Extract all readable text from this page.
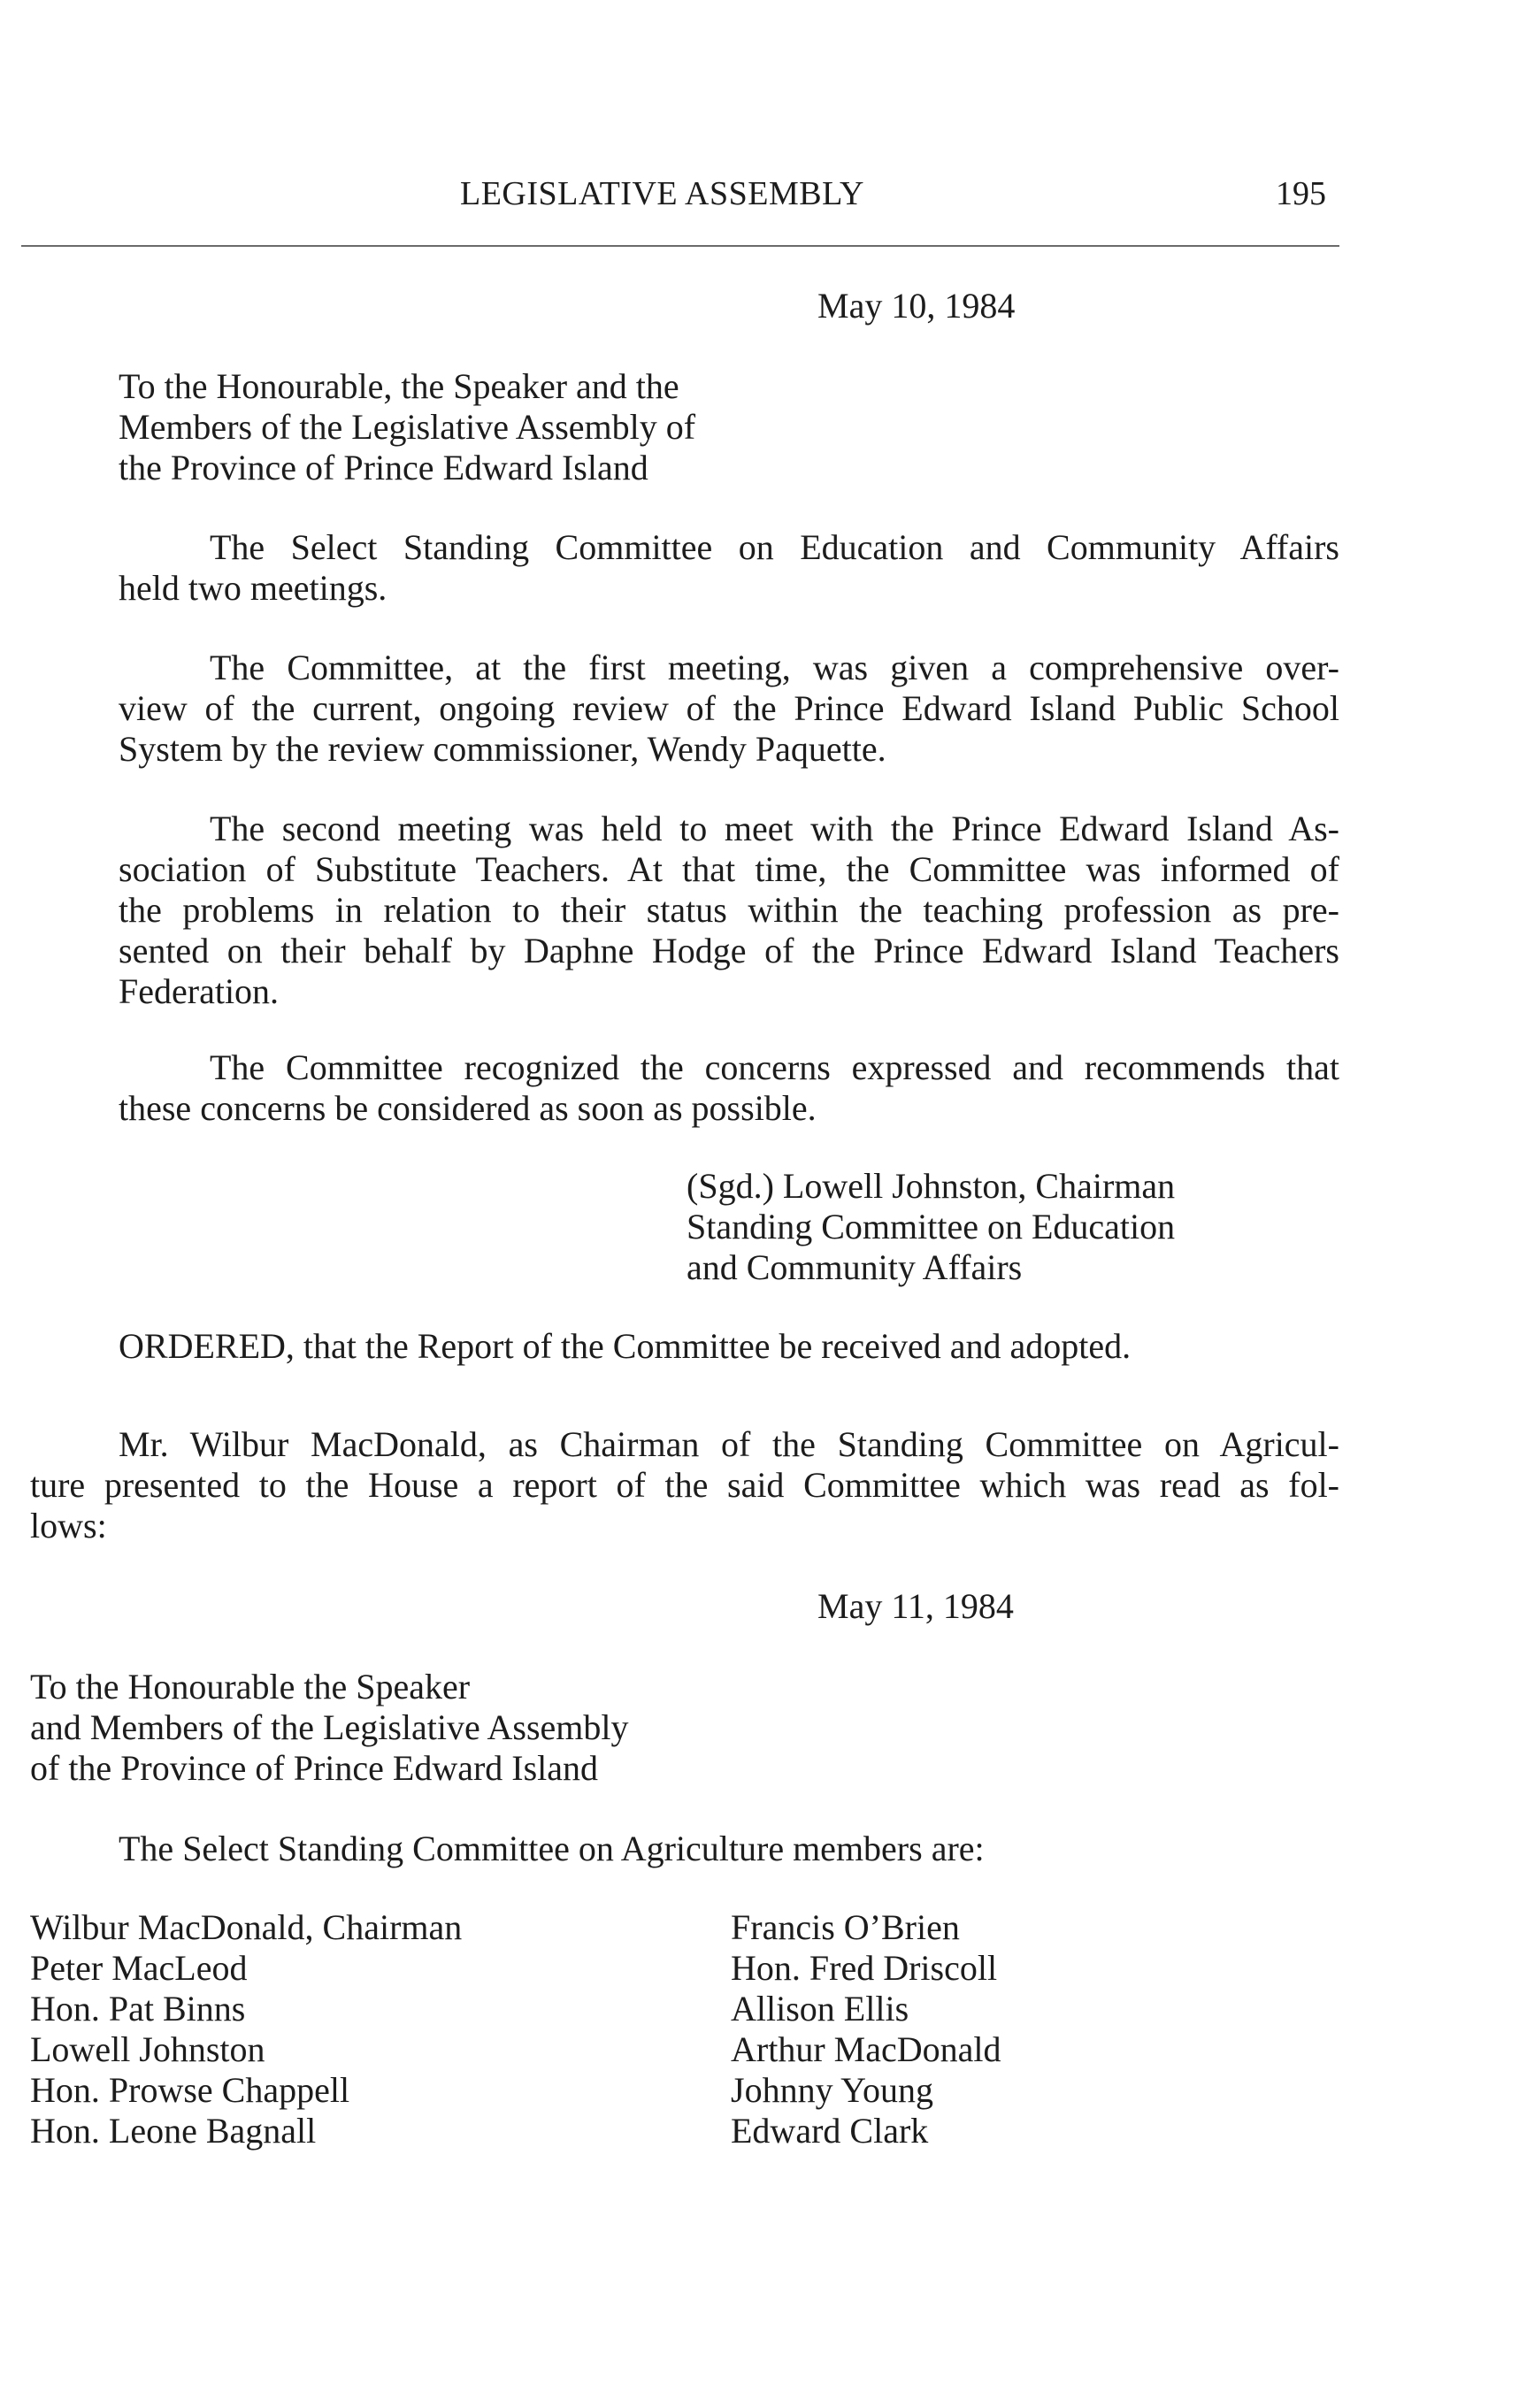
LEGISLATIVE ASSEMBLY	195
May 10, 1984
To the Honourable, the Speaker and the
Members of the Legislative Assembly of
the Province of Prince Edward Island
The Select Standing Committee on Education and Community Affairs
held two meetings.
The Committee, at the first meeting, was given a comprehensive over-
view of the current, ongoing review of the Prince Edward Island Public School
System by the review commissioner, Wendy Paquette.
The second meeting was held to meet with the Prince Edward Island As-
sociation of Substitute Teachers. At that time, the Committee was informed of
the problems in relation to their status within the teaching profession as pre-
sented on their behalf by Daphne Hodge of the Prince Edward Island Teachers
Federation.
The Committee recognized the concerns expressed and recommends that
these concerns be considered as soon as possible.
(Sgd.) Lowell Johnston, Chairman
Standing Committee on Education
and Community Affairs
ORDERED, that the Report of the Committee be received and adopted.
Mr. Wilbur MacDonald, as Chairman of the Standing Committee on Agricul-
ture presented to the House a report of the said Committee which was read as fol-
lows:
May 11, 1984
To the Honourable the Speaker
and Members of the Legislative Assembly
of the Province of Prince Edward Island
The Select Standing Committee on Agriculture members are:
Wilbur MacDonald, Chairman
Peter MacLeod
Hon. Pat Binns
Lowell Johnston
Hon. Prowse Chappell
Hon. Leone Bagnall
Francis O’Brien
Hon. Fred Driscoll
Allison Ellis
Arthur MacDonald
Johnny Young
Edward Clark
